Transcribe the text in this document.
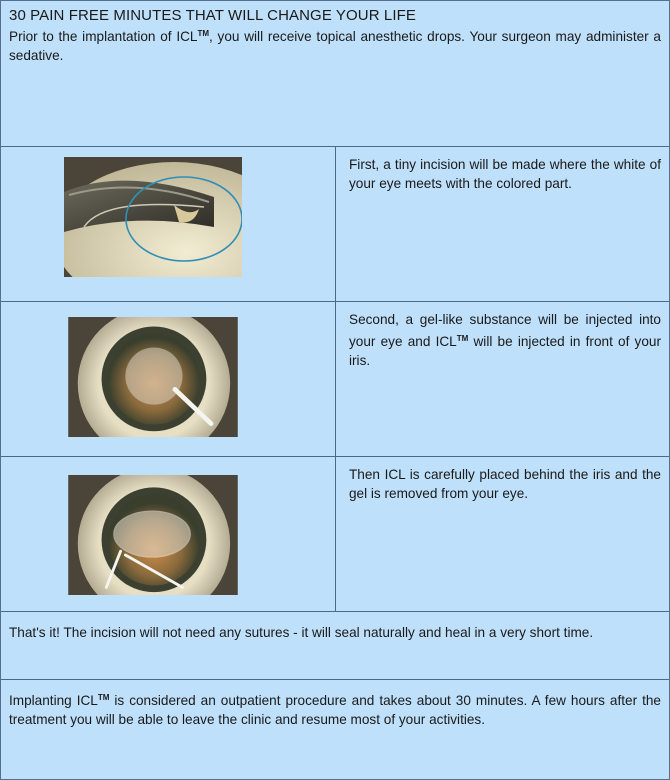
30 PAIN FREE MINUTES THAT WILL CHANGE YOUR LIFE
Prior to the implantation of ICL™, you will receive topical anesthetic drops. Your surgeon may administer a sedative.
First, a tiny incision will be made where the white of your eye meets with the colored part.
Second, a gel-like substance will be injected into your eye and ICL™ will be injected in front of your iris.
Then ICL is carefully placed behind the iris and the gel is removed from your eye.
That's it! The incision will not need any sutures - it will seal naturally and heal in a very short time.
Implanting ICL™ is considered an outpatient procedure and takes about 30 minutes. A few hours after the treatment you will be able to leave the clinic and resume most of your activities.
